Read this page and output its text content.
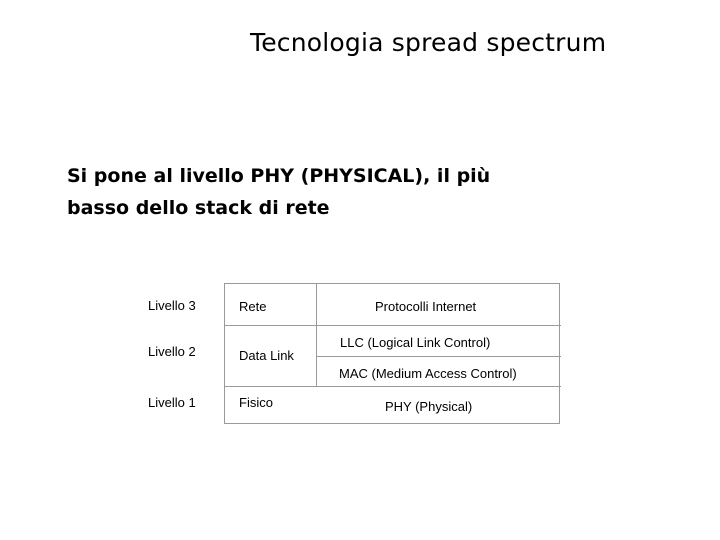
Tecnologia spread spectrum
Si pone al livello PHY (PHYSICAL), il più
basso dello stack di rete
Livello 3
Livello 2
Livello 1
Rete
Data Link
Fisico
Protocolli Internet
LLC (Logical Link Control)
MAC (Medium Access Control)
PHY (Physical)
